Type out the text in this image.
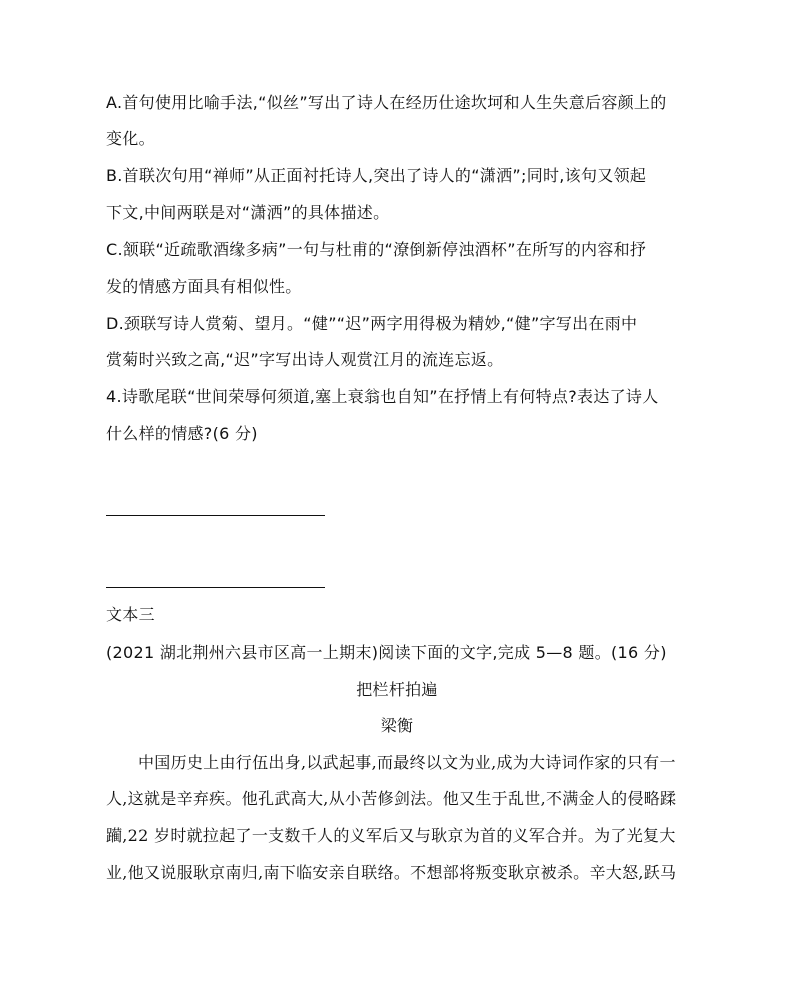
A.首句使用比喻手法,“似丝”写出了诗人在经历仕途坎坷和人生失意后容颜上的
变化。
B.首联次句用“禅师”从正面衬托诗人,突出了诗人的“潇洒”;同时,该句又领起
下文,中间两联是对“潇洒”的具体描述。
C.颔联“近疏歌酒缘多病”一句与杜甫的“潦倒新停浊酒杯”在所写的内容和抒
发的情感方面具有相似性。
D.颈联写诗人赏菊、望月。“健”“迟”两字用得极为精妙,“健”字写出在雨中
赏菊时兴致之高,“迟”字写出诗人观赏江月的流连忘返。
4.诗歌尾联“世间荣辱何须道,塞上衰翁也自知”在抒情上有何特点?表达了诗人
什么样的情感?(6 分)
文本三
(2021 湖北荆州六县市区高一上期末)阅读下面的文字,完成 5—8 题。(16 分)
把栏杆拍遍
梁衡
中国历史上由行伍出身,以武起事,而最终以文为业,成为大诗词作家的只有一
人,这就是辛弃疾。他孔武高大,从小苦修剑法。他又生于乱世,不满金人的侵略蹂
躏,22 岁时就拉起了一支数千人的义军后又与耿京为首的义军合并。为了光复大
业,他又说服耿京南归,南下临安亲自联络。不想部将叛变耿京被杀。辛大怒,跃马
